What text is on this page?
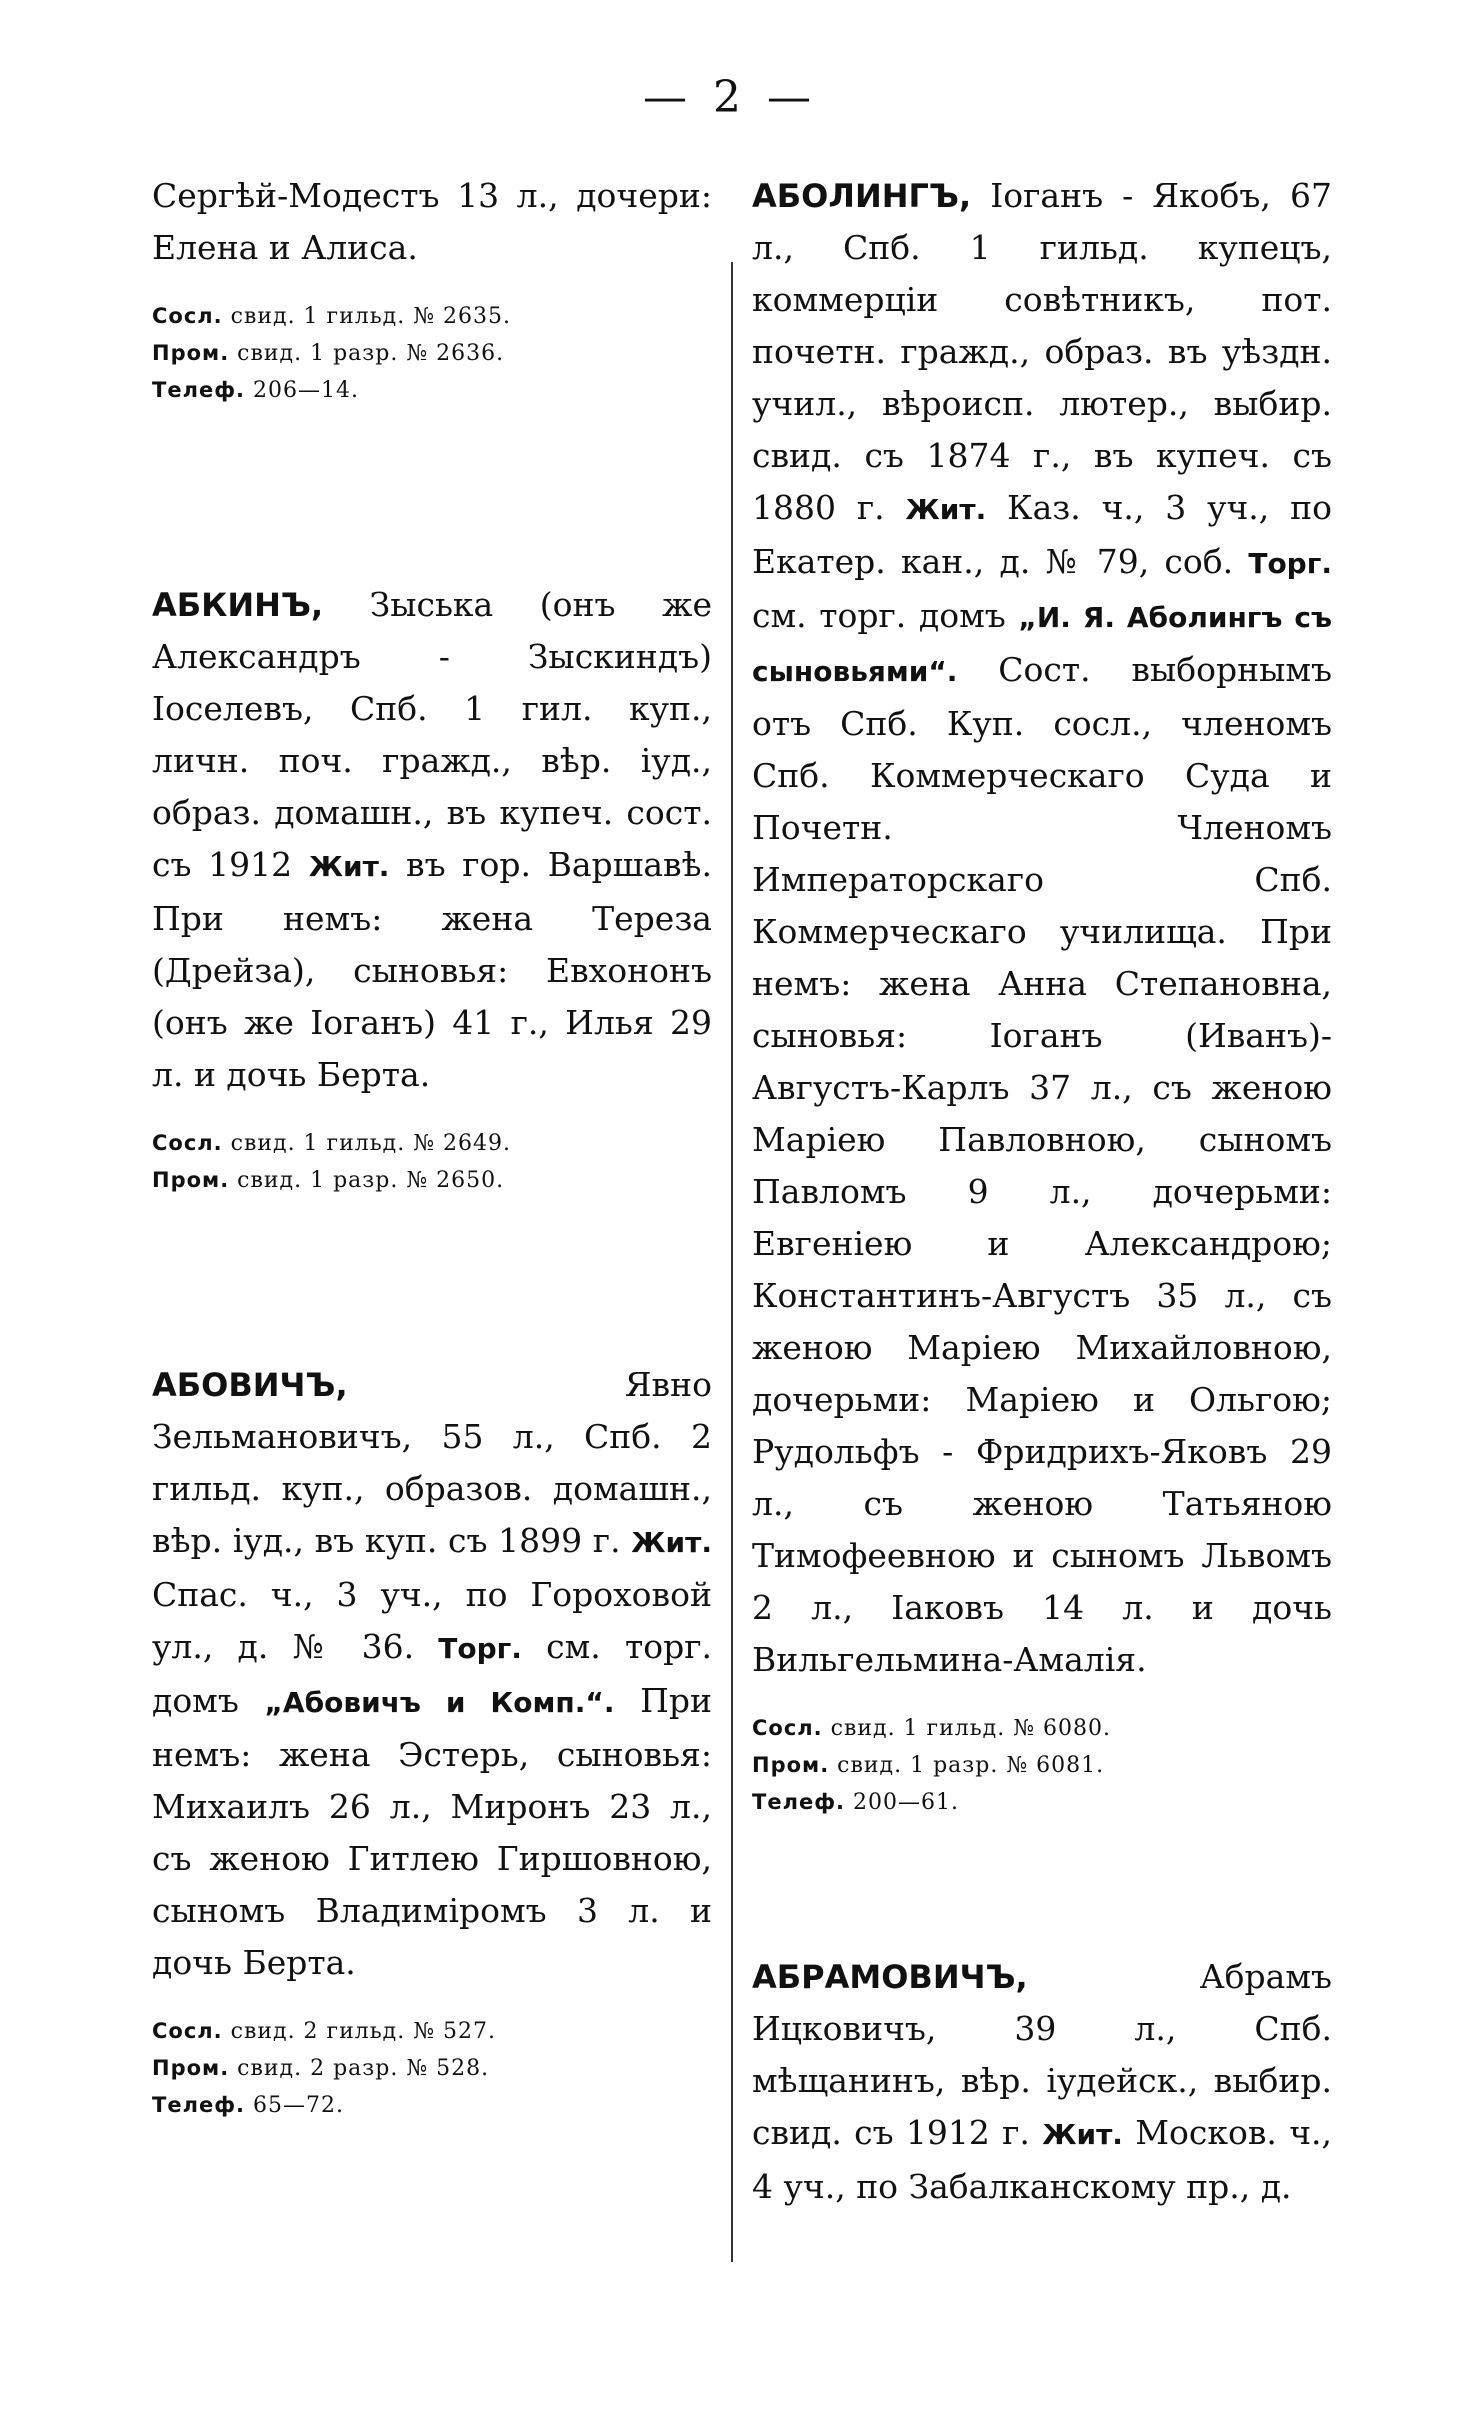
— 2 —

Сергѣй-Модестъ 13 л., дочери: Елена и Алиса.

Сосл. свид. 1 гильд. № 2635.
Пром. свид. 1 разр. № 2636.
Телеф. 206—14.

АБКИНЪ, Зыська (онъ же Александръ - Зыскиндъ) Іоселевъ, Спб. 1 гил. куп., личн. поч. гражд., вѣр. іуд., образ. домашн., въ купеч. сост. съ 1912 Жит. въ гор. Варшавѣ. При немъ: жена Тереза (Дрейза), сыновья: Евхононъ (онъ же Іоганъ) 41 г., Илья 29 л. и дочь Берта.

Сосл. свид. 1 гильд. № 2649.
Пром. свид. 1 разр. № 2650.

АБОВИЧЪ, Явно Зельмановичъ, 55 л., Спб. 2 гильд. куп., образов. домашн., вѣр. іуд., въ куп. съ 1899 г. Жит. Спас. ч., 3 уч., по Гороховой ул., д. № 36. Торг. см. торг. домъ „Абовичъ и Комп.“. При немъ: жена Эстерь, сыновья: Михаилъ 26 л., Миронъ 23 л., съ женою Гитлею Гиршовною, сыномъ Владиміромъ 3 л. и дочь Берта.

Сосл. свид. 2 гильд. № 527.
Пром. свид. 2 разр. № 528.
Телеф. 65—72.

АБОЛИНГЪ, Іоганъ - Якобъ, 67 л., Спб. 1 гильд. купецъ, коммерціи совѣтникъ, пот. почетн. гражд., образ. въ уѣздн. учил., вѣроисп. лютер., выбир. свид. съ 1874 г., въ купеч. съ 1880 г. Жит. Каз. ч., 3 уч., по Екатер. кан., д. № 79, соб. Торг. см. торг. домъ „И. Я. Аболингъ съ сыновьями“. Сост. выборнымъ отъ Спб. Куп. сосл., членомъ Спб. Коммерческаго Суда и Почетн. Членомъ Императорскаго Спб. Коммерческаго училища. При немъ: жена Анна Степановна, сыновья: Іоганъ (Иванъ)-Августъ-Карлъ 37 л., съ женою Маріею Павловною, сыномъ Павломъ 9 л., дочерьми: Евгеніею и Александрою; Константинъ-Августъ 35 л., съ женою Маріею Михайловною, дочерьми: Маріею и Ольгою; Рудольфъ - Фридрихъ-Яковъ 29 л., съ женою Татьяною Тимофеевною и сыномъ Львомъ 2 л., Іаковъ 14 л. и дочь Вильгельмина-Амалія.

Сосл. свид. 1 гильд. № 6080.
Пром. свид. 1 разр. № 6081.
Телеф. 200—61.

АБРАМОВИЧЪ, Абрамъ Ицковичъ, 39 л., Спб. мѣщанинъ, вѣр. іудейск., выбир. свид. съ 1912 г. Жит. Москов. ч., 4 уч., по Забалканскому пр., д.
